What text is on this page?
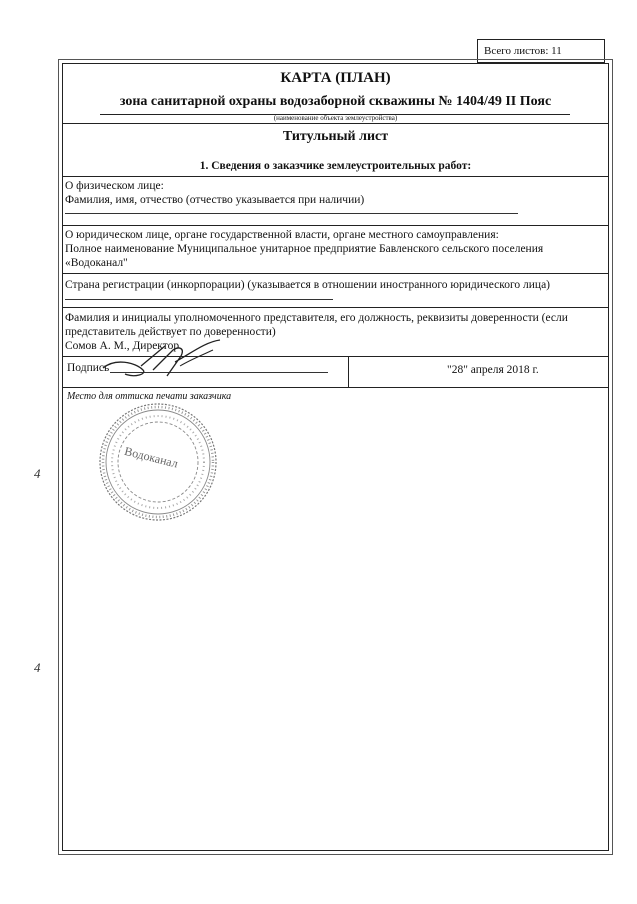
Всего листов: 11
КАРТА (ПЛАН)
зона санитарной охраны водозаборной скважины № 1404/49 II Пояс
(наименование объекта землеустройства)
Титульный лист
1. Сведения о заказчике землеустроительных работ:
О физическом лице:
Фамилия, имя, отчество (отчество указывается при наличии)
О юридическом лице, органе государственной власти, органе местного самоуправления:
Полное наименование Муниципальное унитарное предприятие Бавленского сельского поселения
«Водоканал"
Страна регистрации (инкорпорации) (указывается в отношении иностранного юридического лица)
Фамилия и инициалы уполномоченного представителя, его должность, реквизиты доверенности (если
представитель действует по доверенности)
Сомов А. М., Директор
Подпись	"28" апреля 2018 г.
Место для оттиска печати заказчика
Водоканал
4
4
